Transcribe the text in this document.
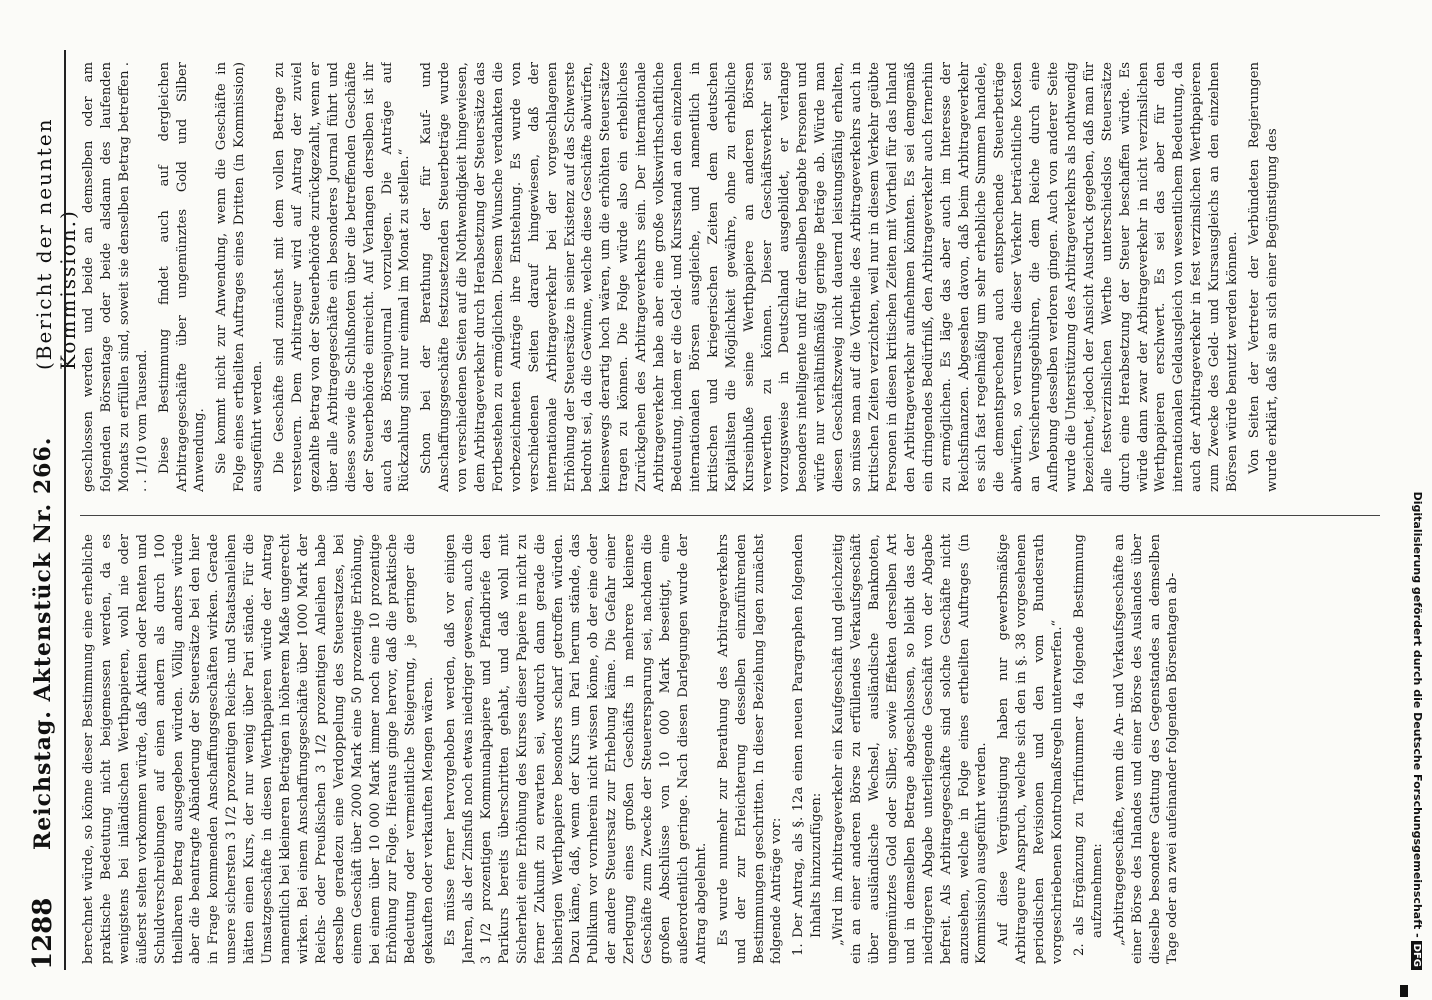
1288
Reichstag. Aktenstück Nr. 266.
(Bericht der neunten Kommission.)

berechnet würde, so könne dieser Bestimmung eine erhebliche praktische Bedeutung nicht beigemessen werden, da es wenigstens bei inländischen Werthpapieren, wohl nie oder äußerst selten vorkommen würde, daß Aktien oder Renten und Schuldverschreibungen auf einen andern als durch 100 theilbaren Betrag ausgegeben würden. Völlig anders würde aber die beantragte Abänderung der Steuersätze bei den hier in Frage kommenden Anschaffungsgeschäften wirken. Gerade unsere sichersten 3 1/2 prozentigen Reichs- und Staatsanleihen hätten einen Kurs, der nur wenig über Pari stände. Für die Umsatzgeschäfte in diesen Werthpapieren würde der Antrag namentlich bei kleineren Beträgen in höherem Maße ungerecht wirken. Bei einem Anschaffungsgeschäfte über 1000 Mark der Reichs- oder Preußischen 3 1/2 prozentigen Anleihen habe derselbe geradezu eine Verdoppelung des Steuersatzes, bei einem Geschäft über 2000 Mark eine 50 prozentige Erhöhung, bei einem über 10 000 Mark immer noch eine 10 prozentige Erhöhung zur Folge. Hieraus ginge hervor, daß die praktische Bedeutung oder vermeintliche Steigerung, je geringer die gekauften oder verkauften Mengen wären. Es müsse ferner hervorgehoben werden, daß vor einigen Jahren, als der Zinsfuß noch etwas niedriger gewesen, auch die 3 1/2 prozentigen Kommunalpapiere und Pfandbriefe den Parikurs bereits überschritten gehabt, und daß wohl mit Sicherheit eine Erhöhung des Kurses dieser Papiere in nicht zu ferner Zukunft zu erwarten sei, wodurch dann gerade die bisherigen Werthpapiere besonders scharf getroffen würden. Dazu käme, daß, wenn der Kurs um Pari herum stände, das Publikum vor vornherein nicht wissen könne, ob der eine oder der andere Steuersatz zur Erhebung käme. Die Gefahr einer Zerlegung eines großen Geschäfts in mehrere kleinere Geschäfte zum Zwecke der Steuerersparung sei, nachdem die großen Abschlüsse von 10 000 Mark beseitigt, eine außerordentlich geringe. Nach diesen Darlegungen wurde der Antrag abgelehnt. Es wurde nunmehr zur Berathung des Arbitrageverkehrs und der zur Erleichterung desselben einzuführenden Bestimmungen geschritten. In dieser Beziehung lagen zunächst folgende Anträge vor: 1. Der Antrag, als §. 12a einen neuen Paragraphen folgenden Inhalts hinzuzufügen: „Wird im Arbitrageverkehr ein Kaufgeschäft und gleichzeitig ein an einer anderen Börse zu erfüllendes Verkaufsgeschäft über ausländische Wechsel, ausländische Banknoten, ungemünztes Gold oder Silber, sowie Effekten derselben Art und in demselben Betrage abgeschlossen, so bleibt das der niedrigeren Abgabe unterliegende Geschäft von der Abgabe befreit. Als Arbitragegeschäfte sind solche Geschäfte nicht anzusehen, welche in Folge eines ertheilten Auftrages (in Kommission) ausgeführt werden. Auf diese Vergünstigung haben nur gewerbsmäßige Arbitrageure Anspruch, welche sich den in §. 38 vorgesehenen periodischen Revisionen und den vom Bundesrath vorgeschriebenen Kontrolmaßregeln unterwerfen.“ 2. als Ergänzung zu Tarifnummer 4a folgende Bestimmung aufzunehmen: „Arbitragegeschäfte, wenn die An- und Verkaufsgeschäfte an einer Börse des Inlandes und einer Börse des Auslandes über dieselbe besondere Gattung des Gegenstandes an demselben Tage oder an zwei aufeinander folgenden Börsentagen ab-

geschlossen werden und beide an demselben oder am folgenden Börsentage oder beide alsdann des laufenden Monats zu erfüllen sind, soweit sie denselben Betrag betreffen . . . 1/10 vom Tausend. Diese Bestimmung findet auch auf dergleichen Arbitragegeschäfte über ungemünztes Gold und Silber Anwendung. Sie kommt nicht zur Anwendung, wenn die Geschäfte in Folge eines ertheilten Auftrages eines Dritten (in Kommission) ausgeführt werden. Die Geschäfte sind zunächst mit dem vollen Betrage zu versteuern. Dem Arbitrageur wird auf Antrag der zuviel gezahlte Betrag von der Steuerbehörde zurückgezahlt, wenn er über alle Arbitragegeschäfte ein besonderes Journal führt und dieses sowie die Schlußnoten über die betreffenden Geschäfte der Steuerbehörde einreicht. Auf Verlangen derselben ist ihr auch das Börsenjournal vorzulegen. Die Anträge auf Rückzahlung sind nur einmal im Monat zu stellen.“ Schon bei der Berathung der für Kauf- und Anschaffungsgeschäfte festzusetzenden Steuerbeträge wurde von verschiedenen Seiten auf die Nothwendigkeit hingewiesen, dem Arbitrageverkehr durch Herabsetzung der Steuersätze das Fortbestehen zu ermöglichen. Diesem Wunsche verdankten die vorbezeichneten Anträge ihre Entstehung. Es wurde von verschiedenen Seiten darauf hingewiesen, daß der internationale Arbitrageverkehr bei der vorgeschlagenen Erhöhung der Steuersätze in seiner Existenz auf das Schwerste bedroht sei, da die Gewinne, welche diese Geschäfte abwürfen, keineswegs derartig hoch wären, um die erhöhten Steuersätze tragen zu können. Die Folge würde also ein erhebliches Zurückgehen des Arbitrageverkehrs sein. Der internationale Arbitrageverkehr habe aber eine große volkswirthschaftliche Bedeutung, indem er die Geld- und Kursstand an den einzelnen internationalen Börsen ausgleiche, und namentlich in kritischen und kriegerischen Zeiten dem deutschen Kapitalisten die Möglichkeit gewähre, ohne zu erhebliche Kurseinbuße seine Werthpapiere an anderen Börsen verwerthen zu können. Dieser Geschäftsverkehr sei vorzugsweise in Deutschland ausgebildet, er verlange besonders intelligente und für denselben begabte Personen und würfe nur verhältnißmäßig geringe Beträge ab. Würde man diesen Geschäftszweig nicht dauernd leistungsfähig erhalten, so müsse man auf die Vortheile des Arbitrageverkehrs auch in kritischen Zeiten verzichten, weil nur in diesem Verkehr geübte Personen in diesen kritischen Zeiten mit Vortheil für das Inland den Arbitrageverkehr aufnehmen könnten. Es sei demgemäß ein dringendes Bedürfniß, den Arbitrageverkehr auch fernerhin zu ermöglichen. Es läge das aber auch im Interesse der Reichsfinanzen. Abgesehen davon, daß beim Arbitrageverkehr es sich fast regelmäßig um sehr erhebliche Summen handele, die dementsprechend auch entsprechende Steuerbeträge abwürfen, so verursache dieser Verkehr beträchtliche Kosten an Versicherungsgebühren, die dem Reiche durch eine Aufhebung desselben verloren gingen. Auch von anderer Seite wurde die Unterstützung des Arbitrageverkehrs als nothwendig bezeichnet, jedoch der Ansicht Ausdruck gegeben, daß man für alle festverzinslichen Werthe unterschiedslos Steuersätze durch eine Herabsetzung der Steuer beschaffen würde. Es würde dann zwar der Arbitrageverkehr in nicht verzinslichen Werthpapieren erschwert. Es sei das aber für den internationalen Geldausgleich von wesentlichem Bedeutung, da auch der Arbitrageverkehr in fest verzinslichen Werthpapieren zum Zwecke des Geld- und Kursausgleichs an den einzelnen Börsen würde benutzt werden können. Von Seiten der Vertreter der Verbündeten Regierungen wurde erklärt, daß sie an sich einer Begünstigung des

Digitalisierung gefördert durch die Deutsche Forschungsgemeinschaft -DFG
